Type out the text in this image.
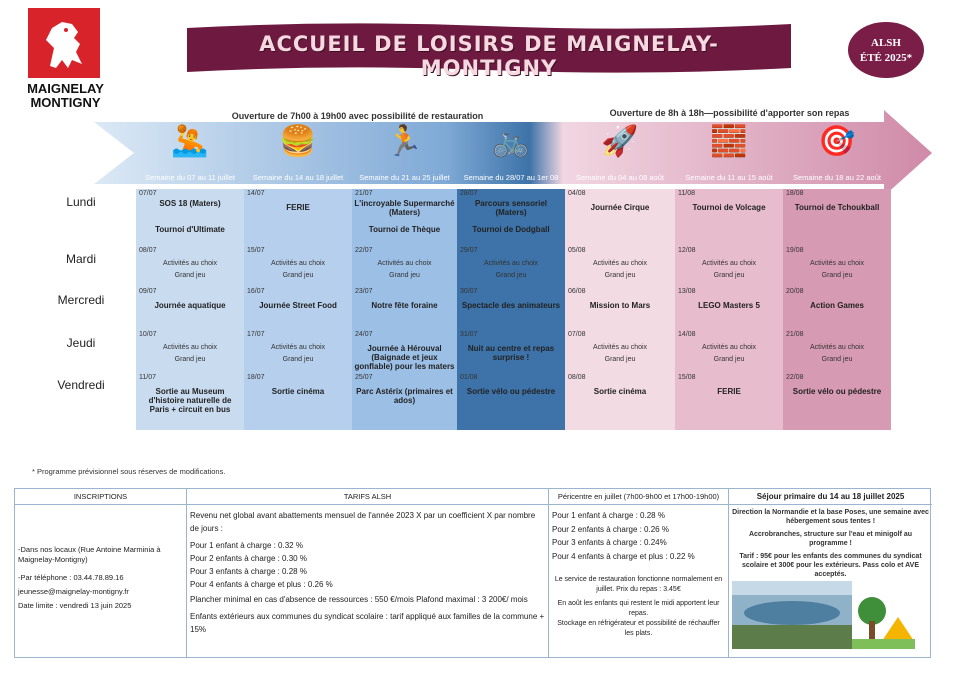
MAIGNELAY
MONTIGNY
ACCUEIL DE LOISIRS DE MAIGNELAY- MONTIGNY
ALSH
ÉTÉ 2025*
Ouverture de 7h00 à 19h00 avec possibilité de restauration	Ouverture de 8h à 18h—possibilité d'apporter son repas
🤽
Semaine du 07 au 11 juillet
🍔
Semaine du 14 au 18 juillet
🏃
Semaine du 21 au 25 juillet
🚲
Semaine du 28/07 au 1er 08
🚀
Semaine du 04 au 08 août
🧱
Semaine du 11 au 15 août
🎯
Semaine du 18 au 22 août
Lundi
Mardi
Mercredi
Jeudi
Vendredi
07/07
SOS 18 (Maters)
Tournoi d'Ultimate
08/07
Activités au choix
Grand jeu
09/07
Journée aquatique
10/07
Activités au choix
Grand jeu
11/07
Sortie au Museum d'histoire naturelle de Paris + circuit en bus
14/07
FERIE
15/07
Activités au choix
Grand jeu
16/07
Journée Street Food
17/07
Activités au choix
Grand jeu
18/07
Sortie cinéma
21/07
L'incroyable Supermarché (Maters)
Tournoi de Thèque
22/07
Activités au choix
Grand jeu
23/07
Notre fête foraine
24/07
Journée à Hérouval (Baignade et jeux gonflable) pour les maters
25/07
Parc Astérix (primaires et ados)
28/07
Parcours sensoriel (Maters)
Tournoi de Dodgball
29/07
Activités au choix
Grand jeu
30/07
Spectacle des animateurs
31/07
Nuit au centre et repas surprise !
01/08
Sortie vélo ou pédestre
04/08
Journée Cirque
05/08
Activités au choix
Grand jeu
06/08
Mission to Mars
07/08
Activités au choix
Grand jeu
08/08
Sortie cinéma
11/08
Tournoi de Volcage
12/08
Activités au choix
Grand jeu
13/08
LEGO Masters 5
14/08
Activités au choix
Grand jeu
15/08
FERIE
18/08
Tournoi de Tchoukball
19/08
Activités au choix
Grand jeu
20/08
Action Games
21/08
Activités au choix
Grand jeu
22/08
Sortie vélo ou pédestre
* Programme prévisionnel sous réserves de modifications.
INSCRIPTIONS

-Dans nos locaux (Rue Antoine Marminia à Maignelay-Montigny)

-Par téléphone : 03.44.78.89.16

jeunesse@maignelay-montigny.fr

Date limite : vendredi 13 juin 2025

TARIFS ALSH

Revenu net global avant abattements mensuel de l'année 2023 X par un coefficient X par nombre de jours :

Pour 1 enfant à charge : 0.32 %

Pour 2 enfants à charge : 0.30 %

Pour 3 enfants à charge : 0.28 %

Pour 4 enfants à charge et plus : 0.26 %

Plancher minimal en cas d'absence de ressources : 550 €/mois Plafond maximal : 3 200€/ mois

Enfants extérieurs aux communes du syndicat scolaire : tarif appliqué aux familles de la commune + 15%

Péricentre en juillet (7h00-9h00 et 17h00-19h00)

Pour 1 enfant à charge : 0.28 %

Pour 2 enfants à charge : 0.26 %

Pour 3 enfants à charge : 0.24%

Pour 4 enfants à charge et plus : 0.22 %

Le service de restauration fonctionne normalement en juillet. Prix du repas : 3.45€

En août les enfants qui restent le midi apportent leur repas.

Stockage en réfrigérateur et possibilité de réchauffer les plats.

Séjour primaire du 14 au 18 juillet 2025

Direction la Normandie et la base Poses, une semaine avec hébergement sous tentes !

Accrobranches, structure sur l'eau et minigolf au programme !

Tarif : 95€ pour les enfants des communes du syndicat scolaire et 300€ pour les extérieurs. Pass colo et AVE acceptés.
